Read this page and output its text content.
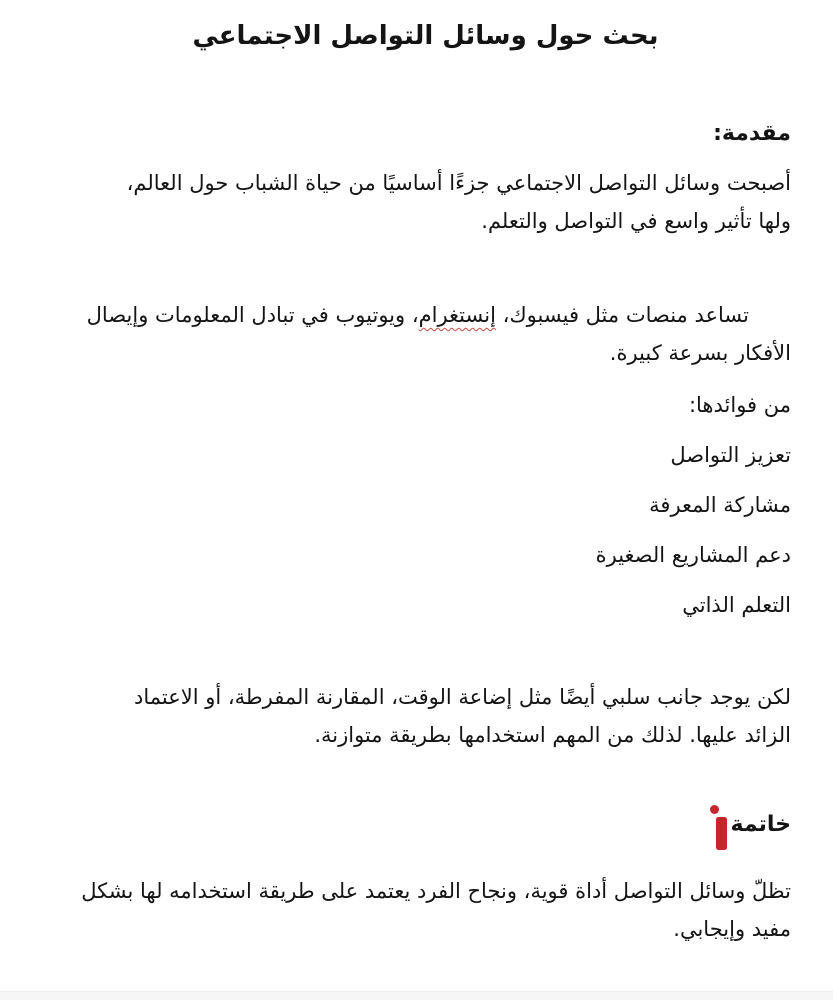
بحث حول وسائل التواصل الاجتماعي
مقدمة:
أصبحت وسائل التواصل الاجتماعي جزءًا أساسيًا من حياة الشباب حول العالم،
ولها تأثير واسع في التواصل والتعلم.
تساعد منصات مثل فيسبوك، إنستغرام، ويوتيوب في تبادل المعلومات وإيصال
الأفكار بسرعة كبيرة.
من فوائدها:
تعزيز التواصل
مشاركة المعرفة
دعم المشاريع الصغيرة
التعلم الذاتي
لكن يوجد جانب سلبي أيضًا مثل إضاعة الوقت، المقارنة المفرطة، أو الاعتماد
الزائد عليها. لذلك من المهم استخدامها بطريقة متوازنة.
خاتمة
تظلّ وسائل التواصل أداة قوية، ونجاح الفرد يعتمد على طريقة استخدامه لها بشكل
مفيد وإيجابي.
